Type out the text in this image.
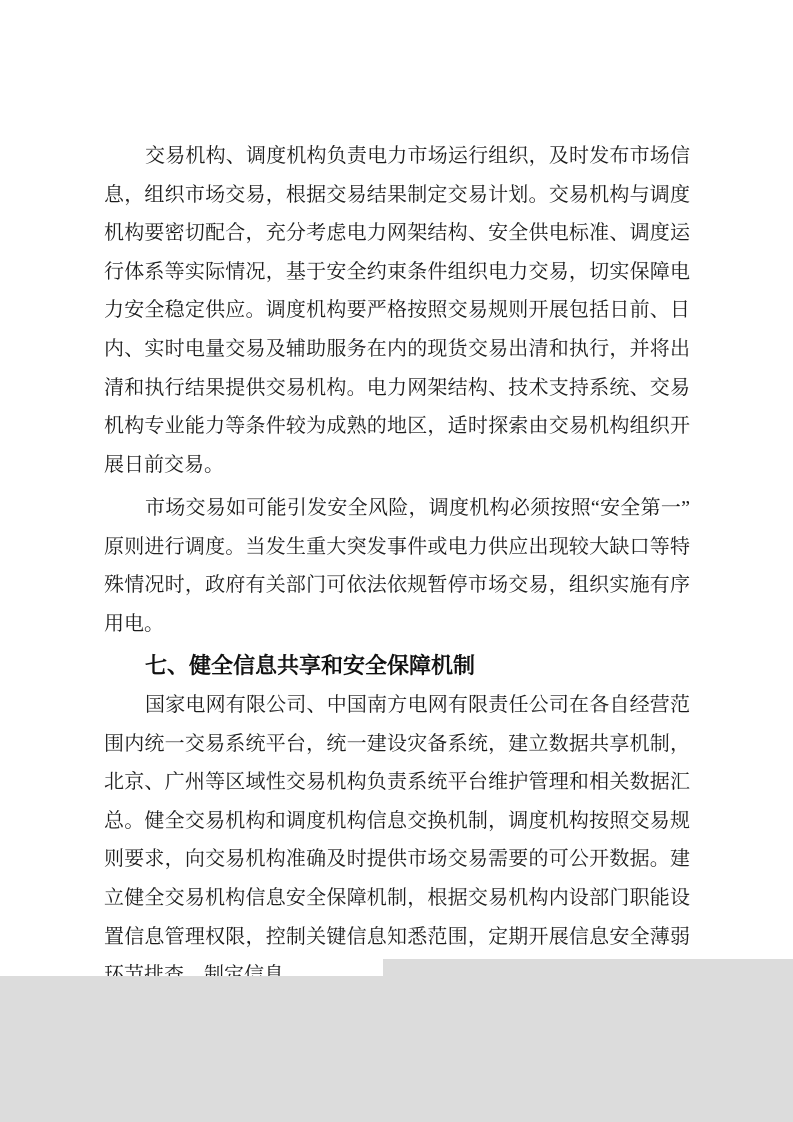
交易机构、调度机构负责电力市场运行组织，及时发布市场信
息，组织市场交易，根据交易结果制定交易计划。交易机构与调度
机构要密切配合，充分考虑电力网架结构、安全供电标准、调度运
行体系等实际情况，基于安全约束条件组织电力交易，切实保障电
力安全稳定供应。调度机构要严格按照交易规则开展包括日前、日
内、实时电量交易及辅助服务在内的现货交易出清和执行，并将出
清和执行结果提供交易机构。电力网架结构、技术支持系统、交易
机构专业能力等条件较为成熟的地区，适时探索由交易机构组织开
展日前交易。
市场交易如可能引发安全风险，调度机构必须按照“安全第一”
原则进行调度。当发生重大突发事件或电力供应出现较大缺口等特
殊情况时，政府有关部门可依法依规暂停市场交易，组织实施有序
用电。
七、健全信息共享和安全保障机制
国家电网有限公司、中国南方电网有限责任公司在各自经营范
围内统一交易系统平台，统一建设灾备系统，建立数据共享机制，
北京、广州等区域性交易机构负责系统平台维护管理和相关数据汇
总。健全交易机构和调度机构信息交换机制，调度机构按照交易规
则要求，向交易机构准确及时提供市场交易需要的可公开数据。建
立健全交易机构信息安全保障机制，根据交易机构内设部门职能设
置信息管理权限，控制关键信息知悉范围，定期开展信息安全薄弱
